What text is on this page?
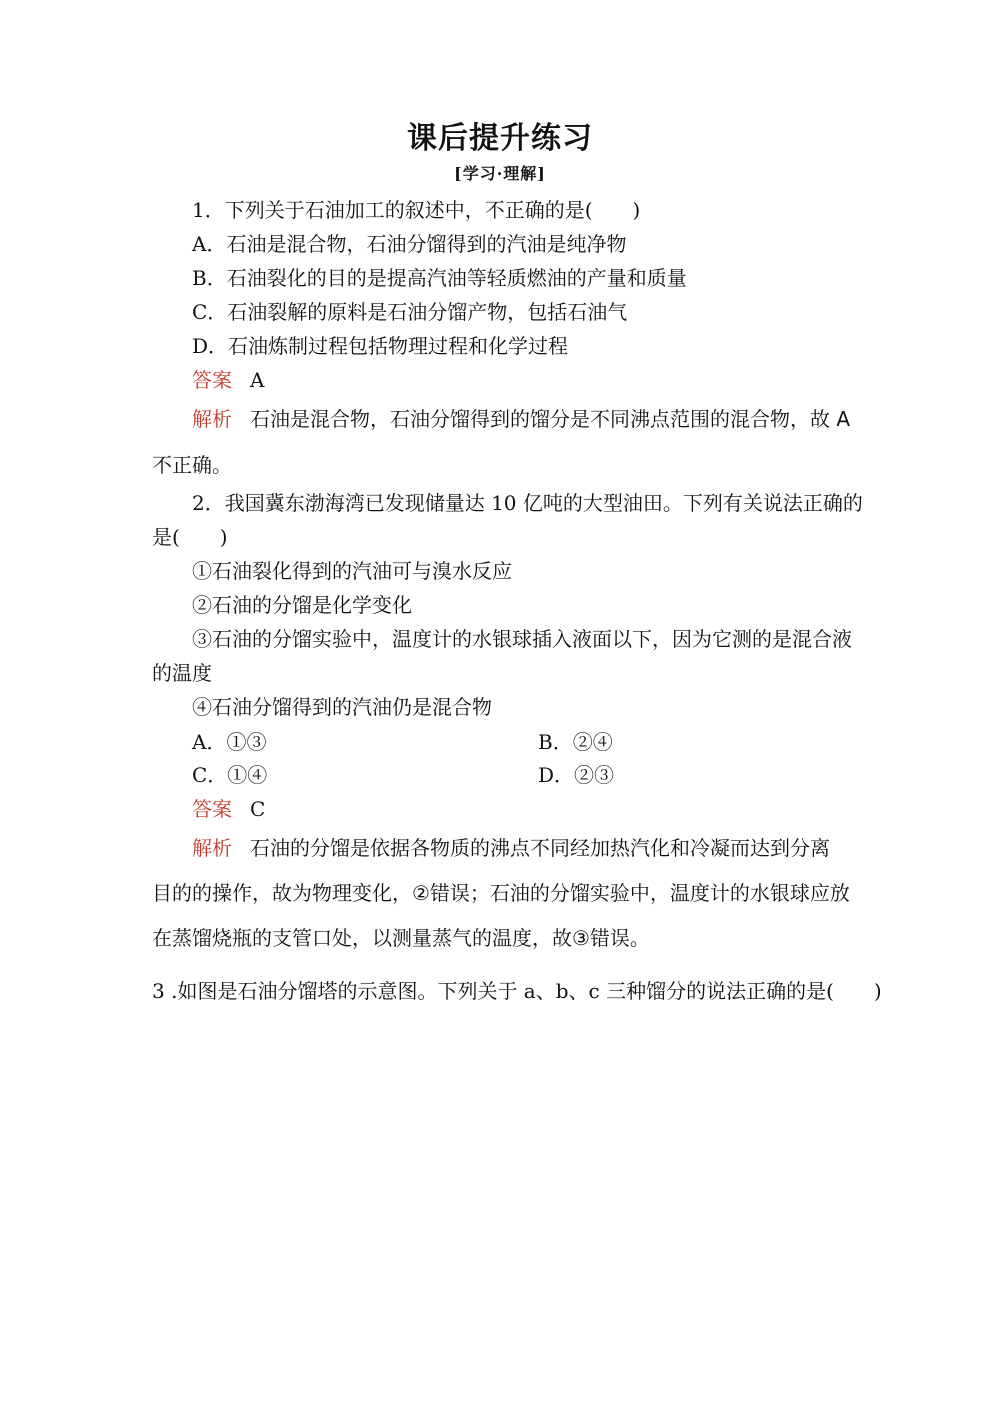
课后提升练习
[学习·理解]
1．下列关于石油加工的叙述中，不正确的是(　　)
A．石油是混合物，石油分馏得到的汽油是纯净物
B．石油裂化的目的是提高汽油等轻质燃油的产量和质量
C．石油裂解的原料是石油分馏产物，包括石油气
D．石油炼制过程包括物理过程和化学过程
答案 A
解析 石油是混合物，石油分馏得到的馏分是不同沸点范围的混合物，故 A
不正确。
2．我国冀东渤海湾已发现储量达 10 亿吨的大型油田。下列有关说法正确的
是(　　)
①石油裂化得到的汽油可与溴水反应
②石油的分馏是化学变化
③石油的分馏实验中，温度计的水银球插入液面以下，因为它测的是混合液
的温度
④石油分馏得到的汽油仍是混合物
A．①③	B．②④
C．①④	D．②③
答案 C
解析 石油的分馏是依据各物质的沸点不同经加热汽化和冷凝而达到分离
目的的操作，故为物理变化，②错误；石油的分馏实验中，温度计的水银球应放
在蒸馏烧瓶的支管口处，以测量蒸气的温度，故③错误。
3 .如图是石油分馏塔的示意图。下列关于 a、b、c 三种馏分的说法正确的是(　　)
